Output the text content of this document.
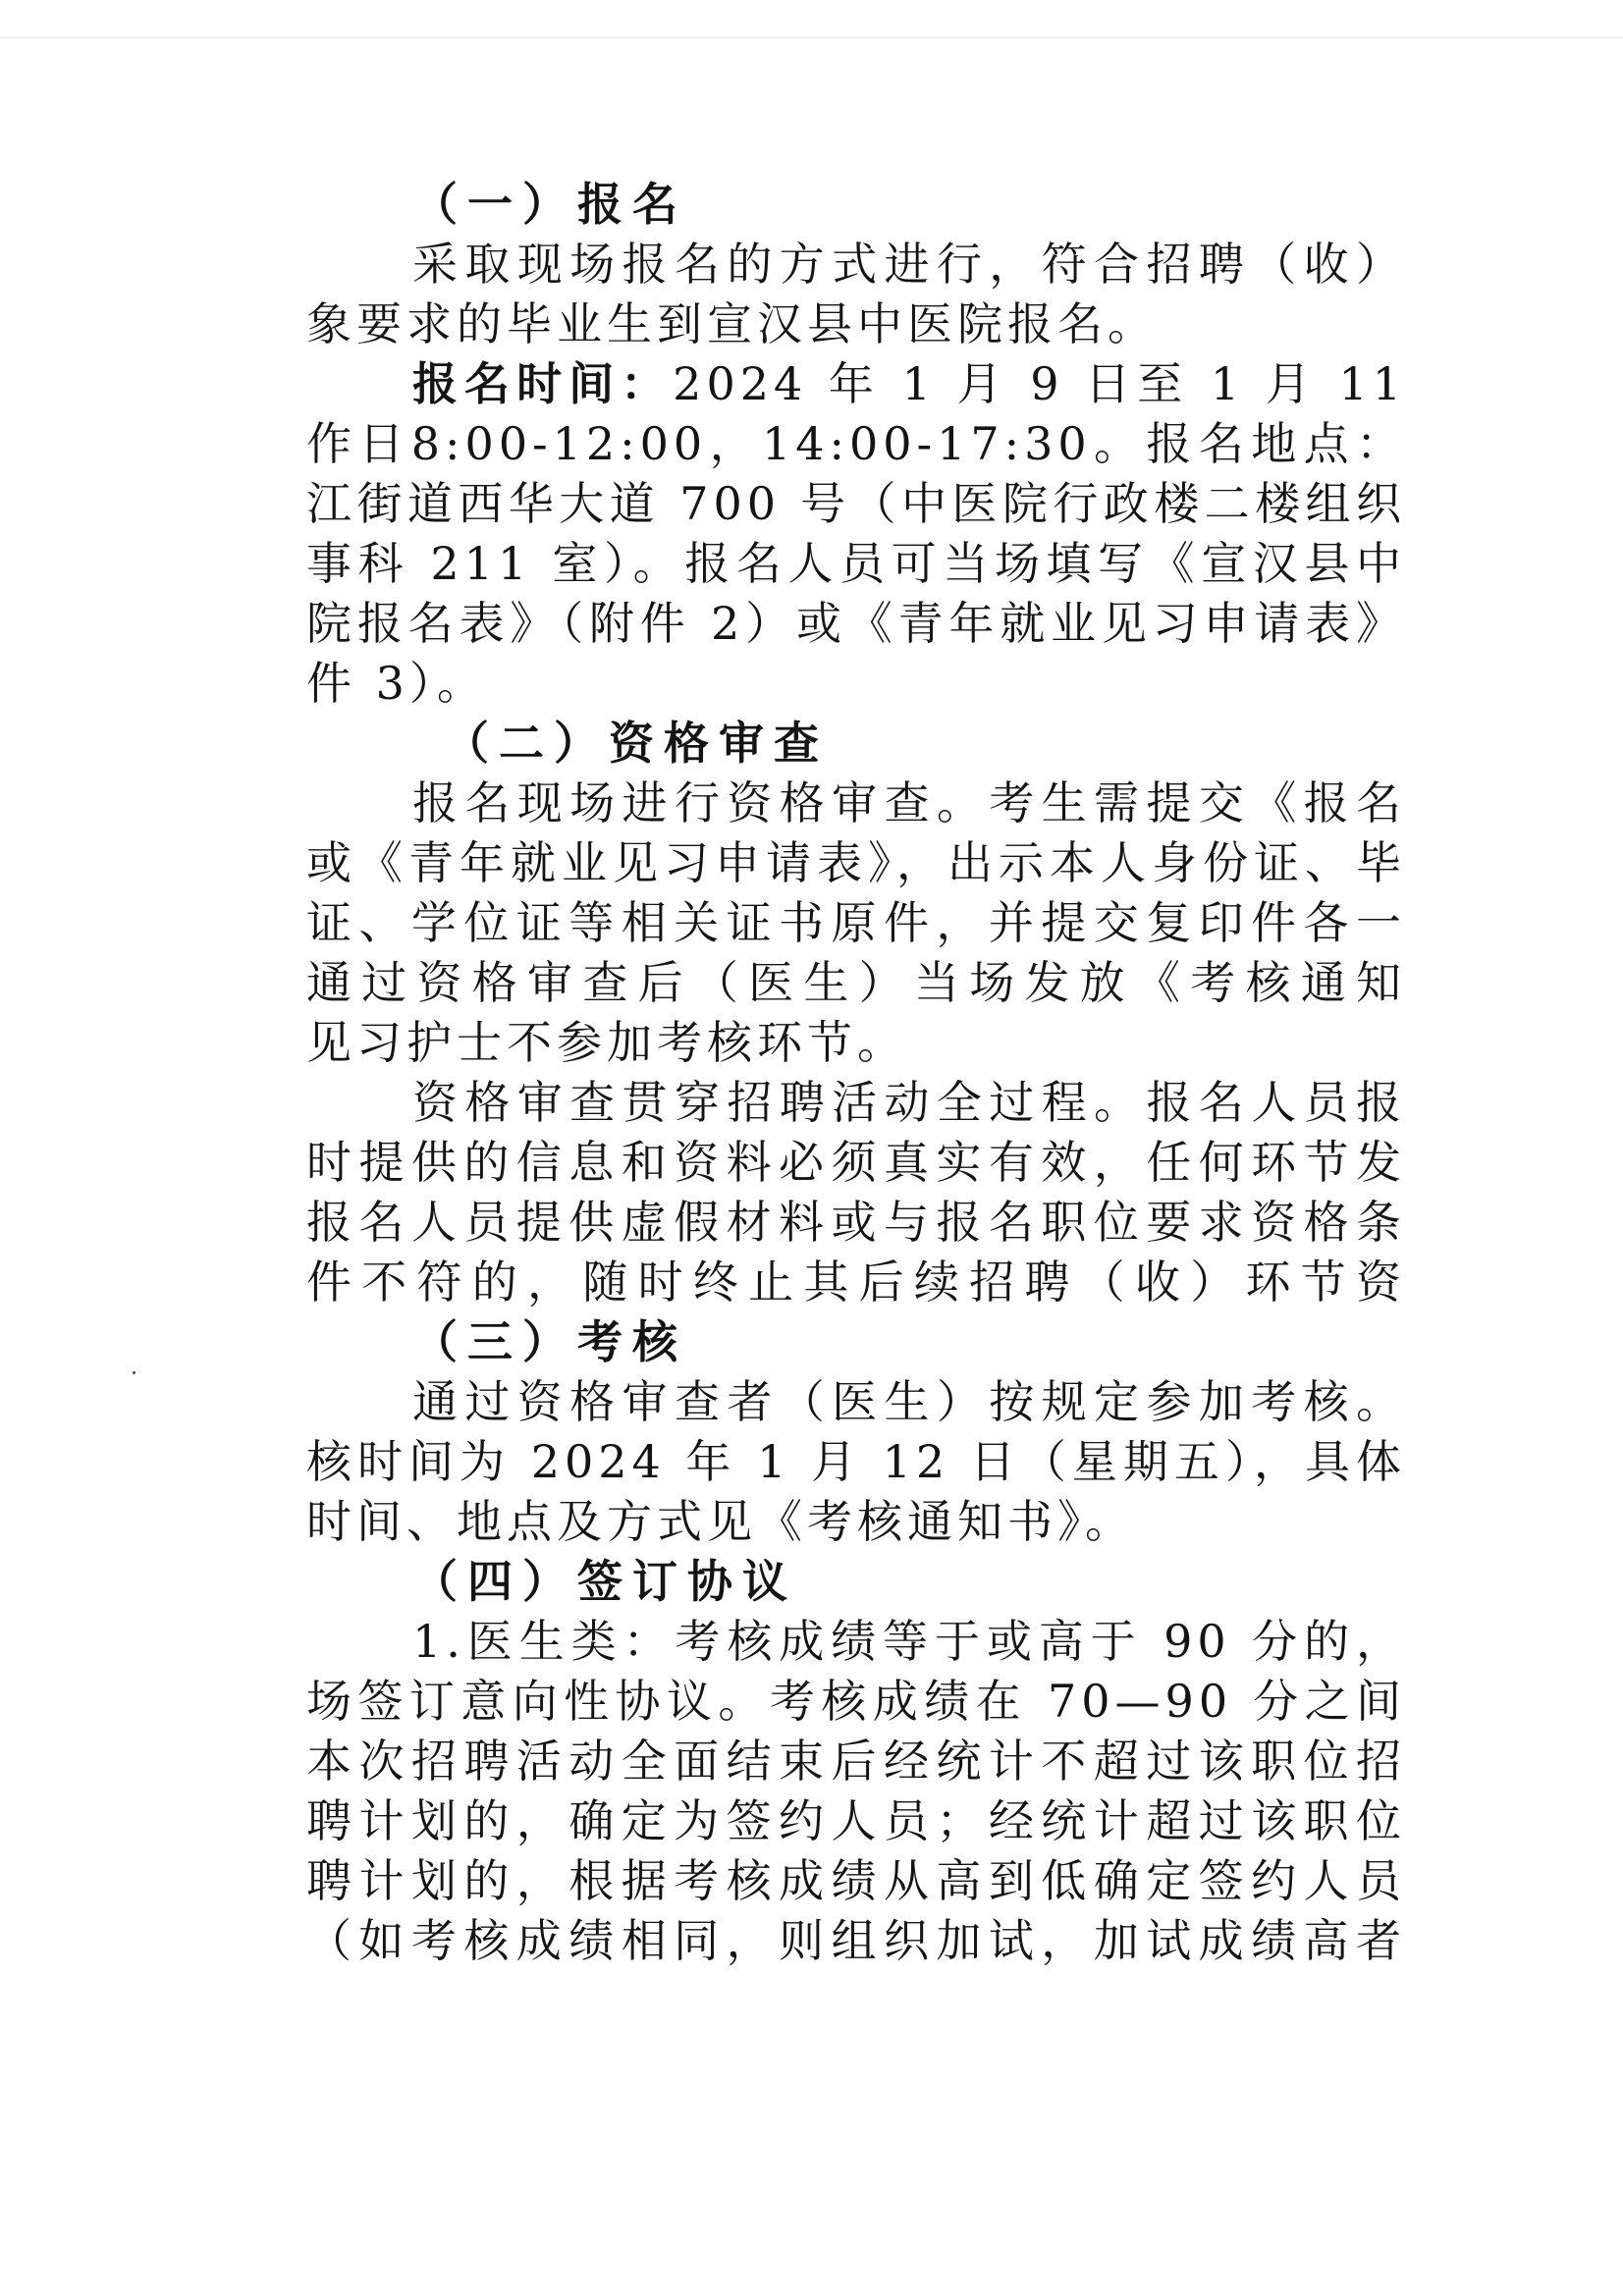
（一）报名
采取现场报名的方式进行，符合招聘（收）
象要求的毕业生到宣汉县中医院报名。
报名时间：2024 年 1 月 9 日至 1 月 11 　
作日8:00-12:00，14:00-17:30。报名地点：
江街道西华大道 700 号（中医院行政楼二楼组织
事科 211 室）。报名人员可当场填写《宣汉县中
院报名表》（附件 2）或《青年就业见习申请表》
件 3）。
（二）资格审查
报名现场进行资格审查。考生需提交《报名
或《青年就业见习申请表》，出示本人身份证、毕
证、学位证等相关证书原件，并提交复印件各一
通过资格审查后（医生）当场发放《考核通知
见习护士不参加考核环节。
资格审查贯穿招聘活动全过程。报名人员报
时提供的信息和资料必须真实有效，任何环节发
报名人员提供虚假材料或与报名职位要求资格条
件不符的，随时终止其后续招聘（收）环节资
（三）考核
通过资格审查者（医生）按规定参加考核。
核时间为 2024 年 1 月 12 日（星期五），具体
时间、地点及方式见《考核通知书》。
（四）签订协议
1.医生类：考核成绩等于或高于 90 分的，
场签订意向性协议。考核成绩在 70—90 分之间
本次招聘活动全面结束后经统计不超过该职位招
聘计划的，确定为签约人员；经统计超过该职位
聘计划的，根据考核成绩从高到低确定签约人员
（如考核成绩相同，则组织加试，加试成绩高者
